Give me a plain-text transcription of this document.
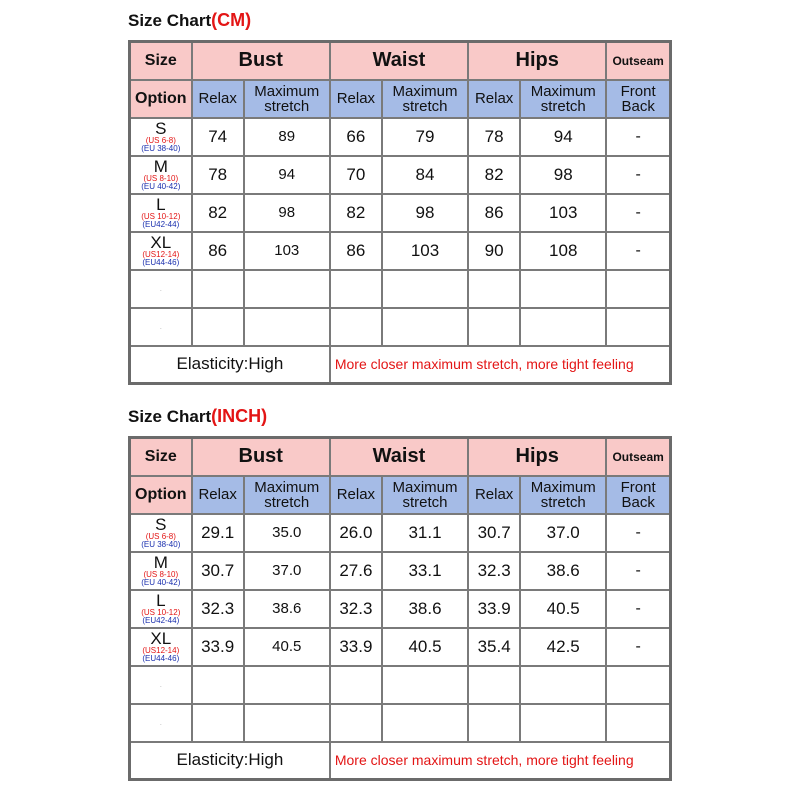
Size Chart(CM)
Size	Bust		Waist		Hips		Outseam
Option	Relax	Maximum stretch	Relax	Maximum stretch	Relax	Maximum stretch	Front Back

S
(US 6-8)
(EU 38-40)	74	89	66	79	78	94	-

M
(US 8-10)
(EU 40-42)	78	94	70	84	82	98	-

L
(US 10-12)
(EU42-44)	82	98	82	98	86	103	-

XL
(US12-14)
(EU44-46)	86	103	86	103	90	108	-
·							
·							
Elasticity:High			More closer maximum stretch, more tight feeling				
Size Chart(INCH)
Size	Bust		Waist		Hips		Outseam
Option	Relax	Maximum stretch	Relax	Maximum stretch	Relax	Maximum stretch	Front Back

S
(US 6-8)
(EU 38-40)	29.1	35.0	26.0	31.1	30.7	37.0	-

M
(US 8-10)
(EU 40-42)	30.7	37.0	27.6	33.1	32.3	38.6	-

L
(US 10-12)
(EU42-44)	32.3	38.6	32.3	38.6	33.9	40.5	-

XL
(US12-14)
(EU44-46)	33.9	40.5	33.9	40.5	35.4	42.5	-
·							
·							
Elasticity:High			More closer maximum stretch, more tight feeling				
